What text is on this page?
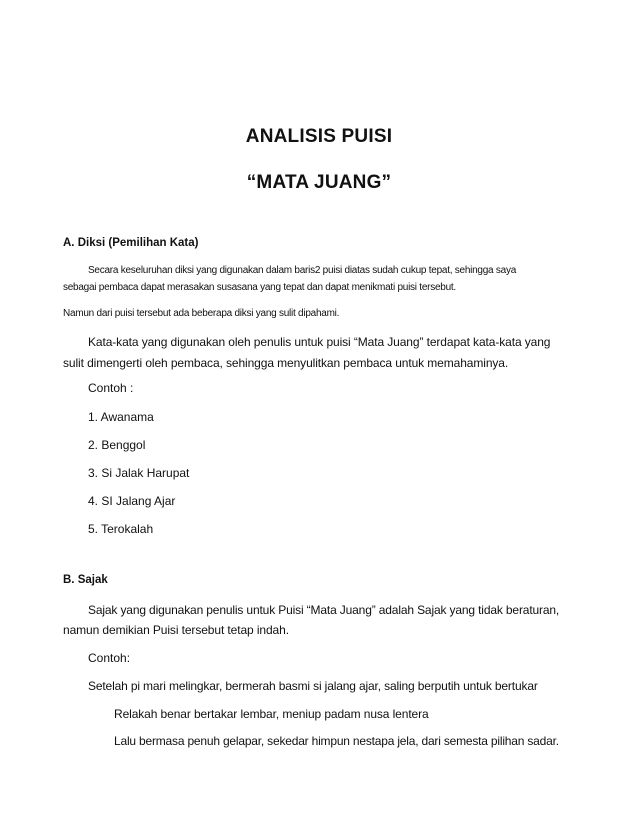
ANALISIS PUISI
“MATA JUANG”
A. Diksi (Pemilihan Kata)
Secara keseluruhan diksi yang digunakan dalam baris2 puisi diatas sudah cukup tepat, sehingga saya
sebagai pembaca dapat merasakan susasana yang tepat dan dapat menikmati puisi tersebut.
Namun dari puisi tersebut ada beberapa diksi yang sulit dipahami.
Kata-kata yang digunakan oleh penulis untuk puisi “Mata Juang” terdapat kata-kata yang
sulit dimengerti oleh pembaca, sehingga menyulitkan pembaca untuk memahaminya.
Contoh :
1. Awanama
2. Benggol
3. Si Jalak Harupat
4. SI Jalang Ajar
5. Terokalah
B. Sajak
Sajak yang digunakan penulis untuk Puisi “Mata Juang” adalah Sajak yang tidak beraturan,
namun demikian Puisi tersebut tetap indah.
Contoh:
Setelah pi mari melingkar, bermerah basmi si jalang ajar, saling berputih untuk bertukar
Relakah benar bertakar lembar, meniup padam nusa lentera
Lalu bermasa penuh gelapar, sekedar himpun nestapa jela, dari semesta pilihan sadar.
